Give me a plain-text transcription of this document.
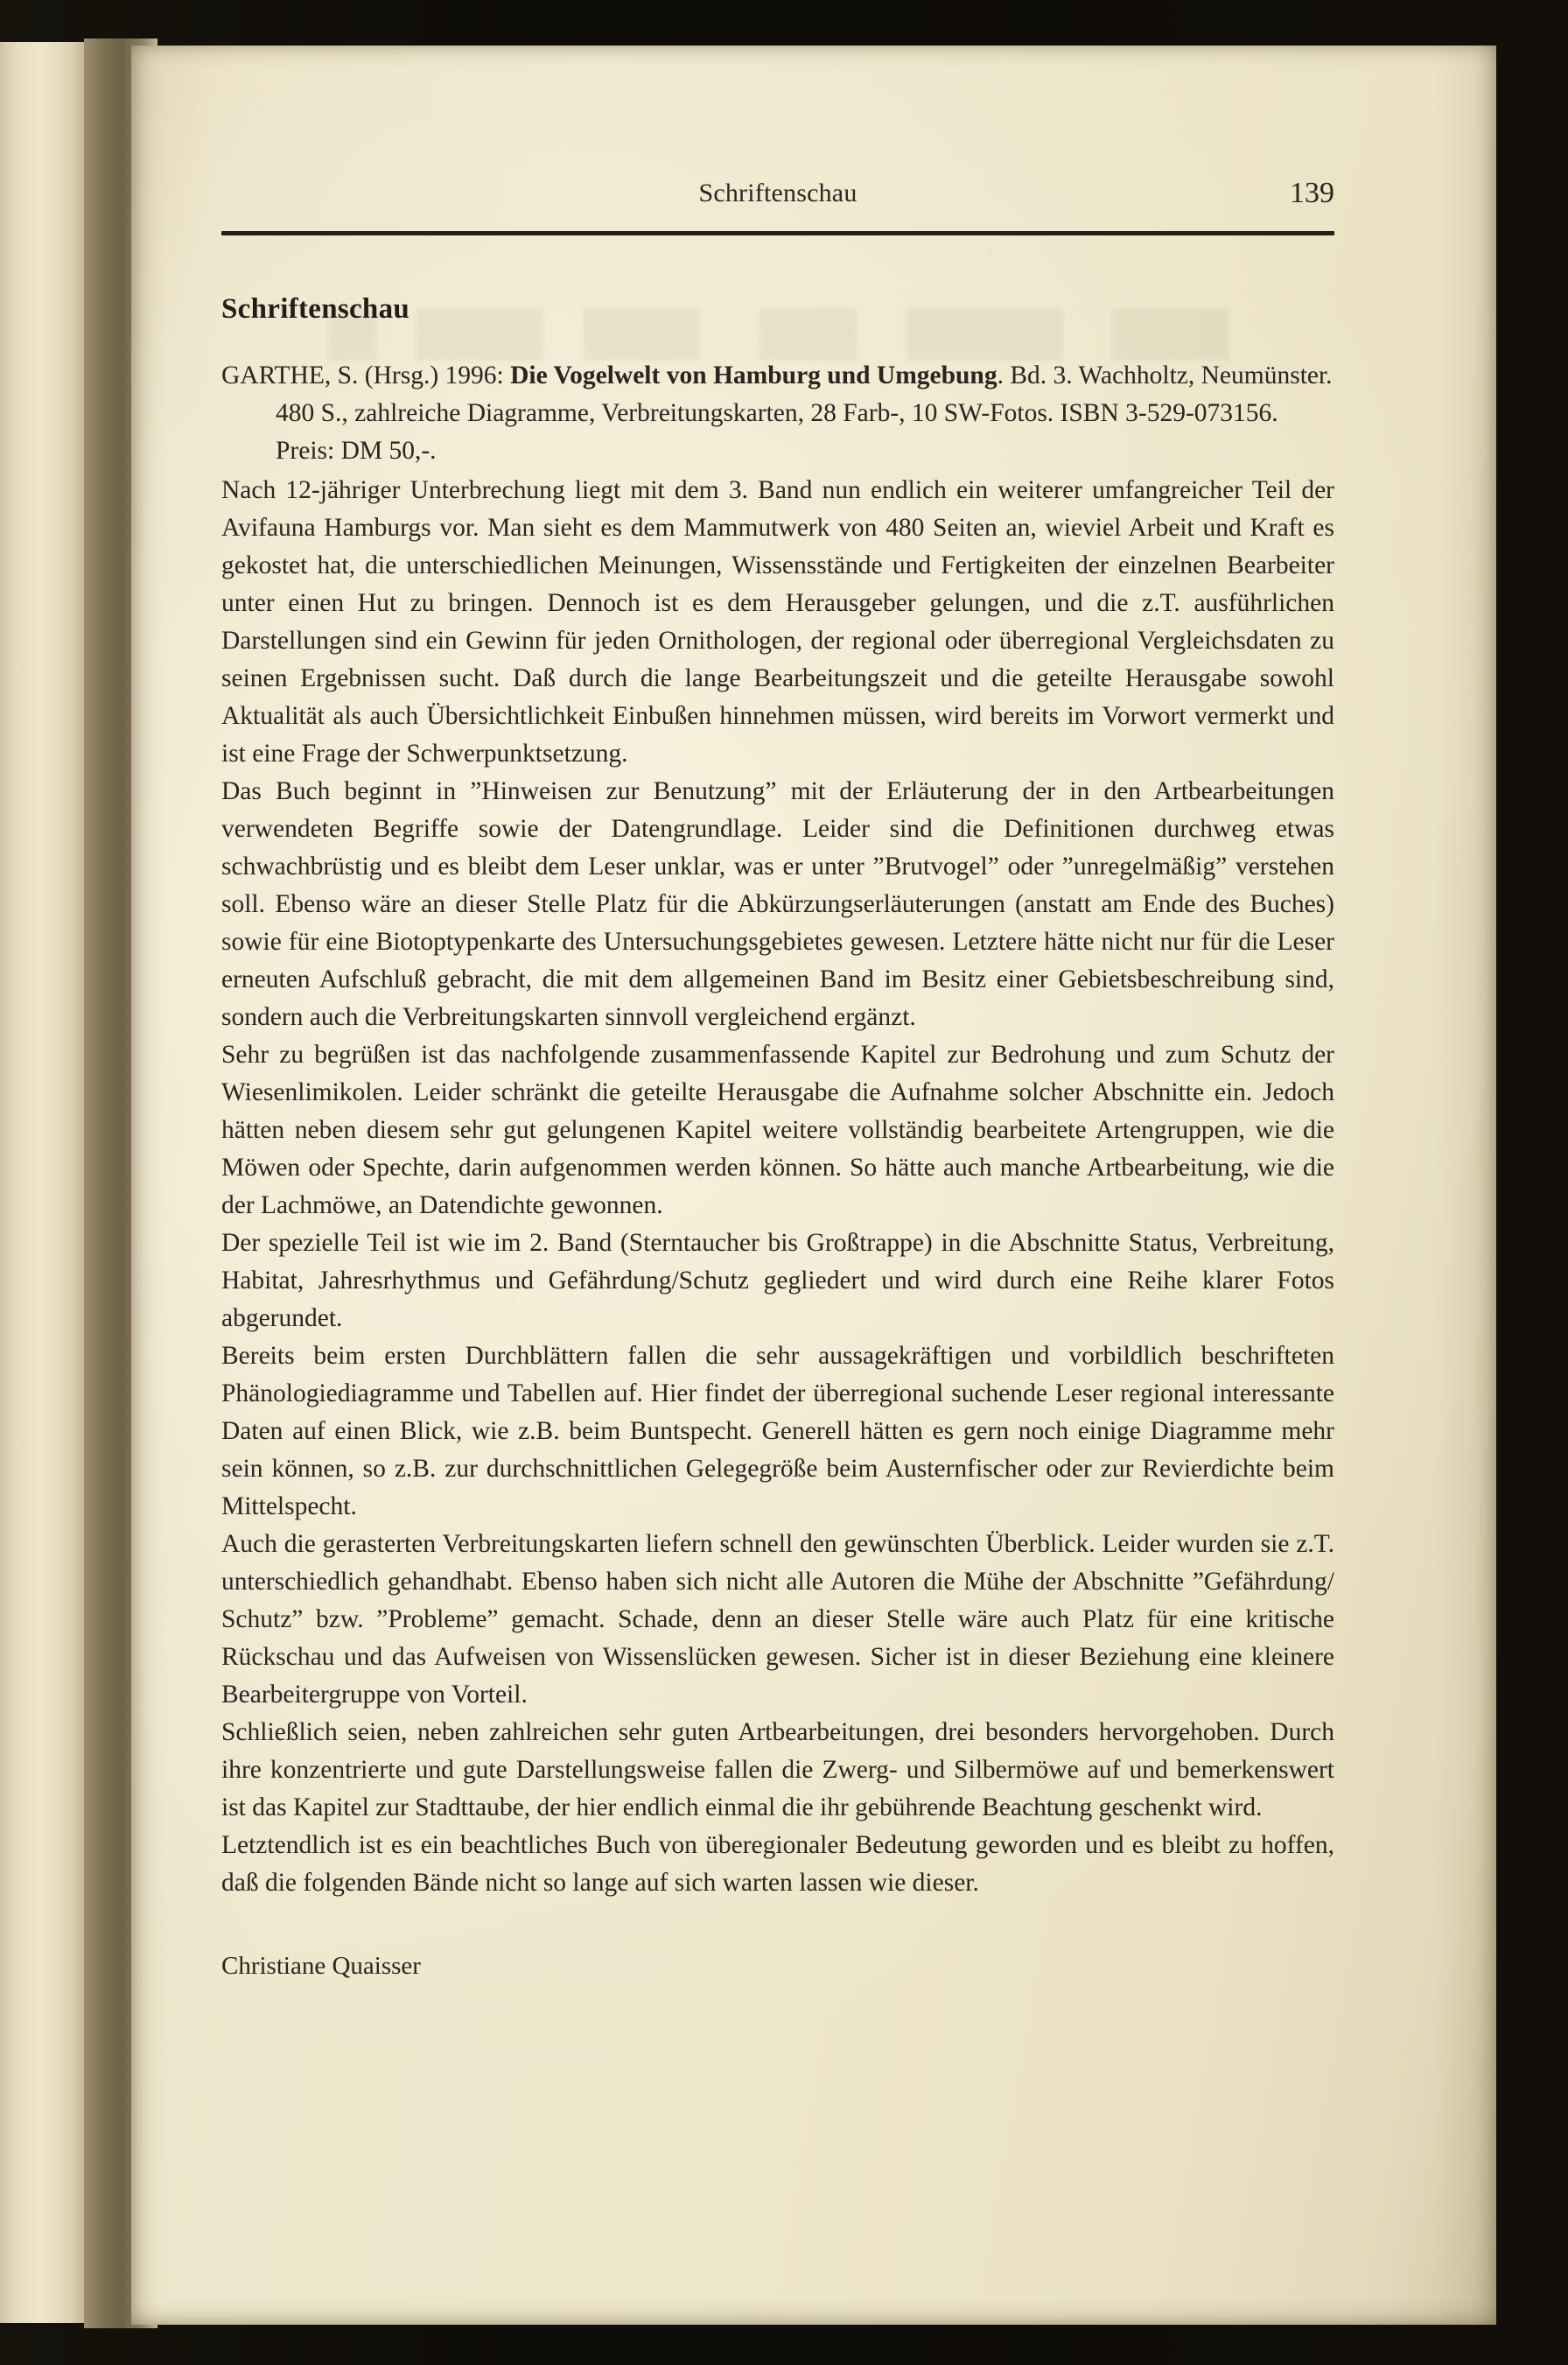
Schriftenschau	139
Schriftenschau
GARTHE, S. (Hrsg.) 1996: Die Vogelwelt von Hamburg und Umgebung. Bd. 3. Wachholtz, Neumünster. 480 S., zahlreiche Diagramme, Verbreitungskarten, 28 Farb-, 10 SW-Fotos. ISBN 3-529-073156. Preis: DM 50,-.

Nach 12-jähriger Unterbrechung liegt mit dem 3. Band nun endlich ein weiterer umfangreicher Teil der Avifauna Hamburgs vor. Man sieht es dem Mammutwerk von 480 Seiten an, wieviel Arbeit und Kraft es gekostet hat, die unterschiedlichen Meinungen, Wissensstände und Fertigkeiten der einzelnen Bearbeiter unter einen Hut zu bringen. Dennoch ist es dem Herausgeber gelungen, und die z.T. ausführlichen Darstellungen sind ein Gewinn für jeden Ornithologen, der regional oder überregional Vergleichsdaten zu seinen Ergebnissen sucht. Daß durch die lange Bearbeitungszeit und die geteilte Herausgabe sowohl Aktualität als auch Übersichtlichkeit Einbußen hinnehmen müssen, wird bereits im Vorwort vermerkt und ist eine Frage der Schwerpunktsetzung.

Das Buch beginnt in ”Hinweisen zur Benutzung” mit der Erläuterung der in den Artbearbeitungen verwendeten Begriffe sowie der Datengrundlage. Leider sind die Definitionen durchweg etwas schwachbrüstig und es bleibt dem Leser unklar, was er unter ”Brutvogel” oder ”unregelmäßig” verstehen soll. Ebenso wäre an dieser Stelle Platz für die Abkürzungserläuterungen (anstatt am Ende des Buches) sowie für eine Biotoptypenkarte des Untersuchungsgebietes gewesen. Letztere hätte nicht nur für die Leser erneuten Aufschluß gebracht, die mit dem allgemeinen Band im Besitz einer Gebietsbeschreibung sind, sondern auch die Verbreitungskarten sinnvoll vergleichend ergänzt.

Sehr zu begrüßen ist das nachfolgende zusammenfassende Kapitel zur Bedrohung und zum Schutz der Wiesenlimikolen. Leider schränkt die geteilte Herausgabe die Aufnahme solcher Abschnitte ein. Jedoch hätten neben diesem sehr gut gelungenen Kapitel weitere vollständig bearbeitete Artengruppen, wie die Möwen oder Spechte, darin aufgenommen werden können. So hätte auch manche Artbearbeitung, wie die der Lachmöwe, an Datendichte gewonnen.

Der spezielle Teil ist wie im 2. Band (Sterntaucher bis Großtrappe) in die Abschnitte Status, Verbreitung, Habitat, Jahresrhythmus und Gefährdung/Schutz gegliedert und wird durch eine Reihe klarer Fotos abgerundet.

Bereits beim ersten Durchblättern fallen die sehr aussagekräftigen und vorbildlich beschrifteten Phänologiediagramme und Tabellen auf. Hier findet der überregional suchende Leser regional interessante Daten auf einen Blick, wie z.B. beim Buntspecht. Generell hätten es gern noch einige Diagramme mehr sein können, so z.B. zur durchschnittlichen Gelegegröße beim Austernfischer oder zur Revierdichte beim Mittelspecht.

Auch die gerasterten Verbreitungskarten liefern schnell den gewünschten Überblick. Leider wurden sie z.T. unterschiedlich gehandhabt. Ebenso haben sich nicht alle Autoren die Mühe der Abschnitte ”Gefährdung/ Schutz” bzw. ”Probleme” gemacht. Schade, denn an dieser Stelle wäre auch Platz für eine kritische Rückschau und das Aufweisen von Wissenslücken gewesen. Sicher ist in dieser Beziehung eine kleinere Bearbeitergruppe von Vorteil.

Schließlich seien, neben zahlreichen sehr guten Artbearbeitungen, drei besonders hervorgehoben. Durch ihre konzentrierte und gute Darstellungsweise fallen die Zwerg- und Silbermöwe auf und bemerkenswert ist das Kapitel zur Stadttaube, der hier endlich einmal die ihr gebührende Beachtung geschenkt wird.

Letztendlich ist es ein beachtliches Buch von überegionaler Bedeutung geworden und es bleibt zu hoffen, daß die folgenden Bände nicht so lange auf sich warten lassen wie dieser.

Christiane Quaisser
